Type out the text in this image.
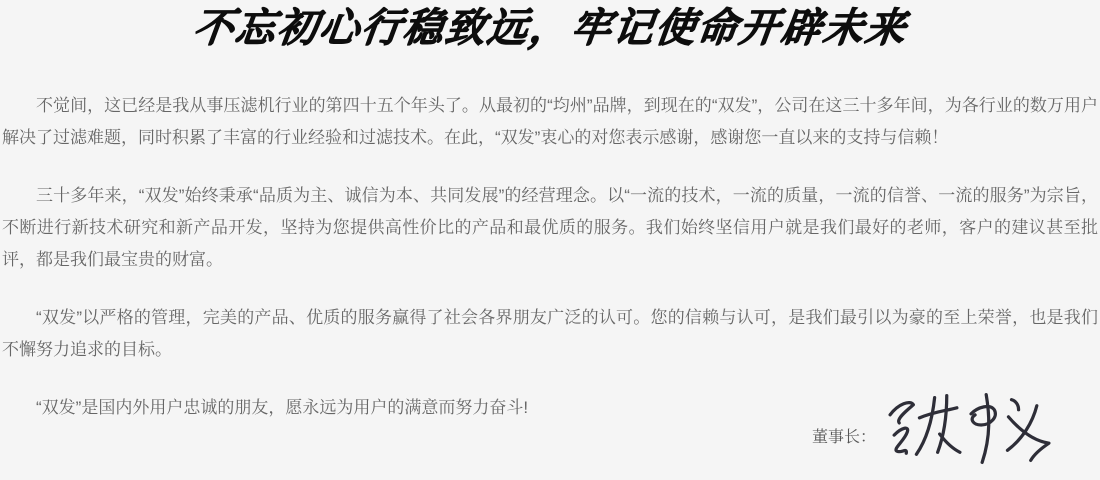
不忘初心行稳致远，牢记使命开辟未来

不觉间，这已经是我从事压滤机行业的第四十五个年头了。从最初的“均州”品牌，到现在的“双发”，公司在这三十多年间，为各行业的数万用户解决了过滤难题，同时积累了丰富的行业经验和过滤技术。在此，“双发”衷心的对您表示感谢，感谢您一直以来的支持与信赖！

三十多年来，“双发”始终秉承“品质为主、诚信为本、共同发展”的经营理念。以“一流的技术，一流的质量，一流的信誉、一流的服务”为宗旨，不断进行新技术研究和新产品开发，坚持为您提供高性价比的产品和最优质的服务。我们始终坚信用户就是我们最好的老师，客户的建议甚至批评，都是我们最宝贵的财富。

“双发”以严格的管理，完美的产品、优质的服务赢得了社会各界朋友广泛的认可。您的信赖与认可，是我们最引以为豪的至上荣誉，也是我们不懈努力追求的目标。

“双发”是国内外用户忠诚的朋友，愿永远为用户的满意而努力奋斗!

董事长：
